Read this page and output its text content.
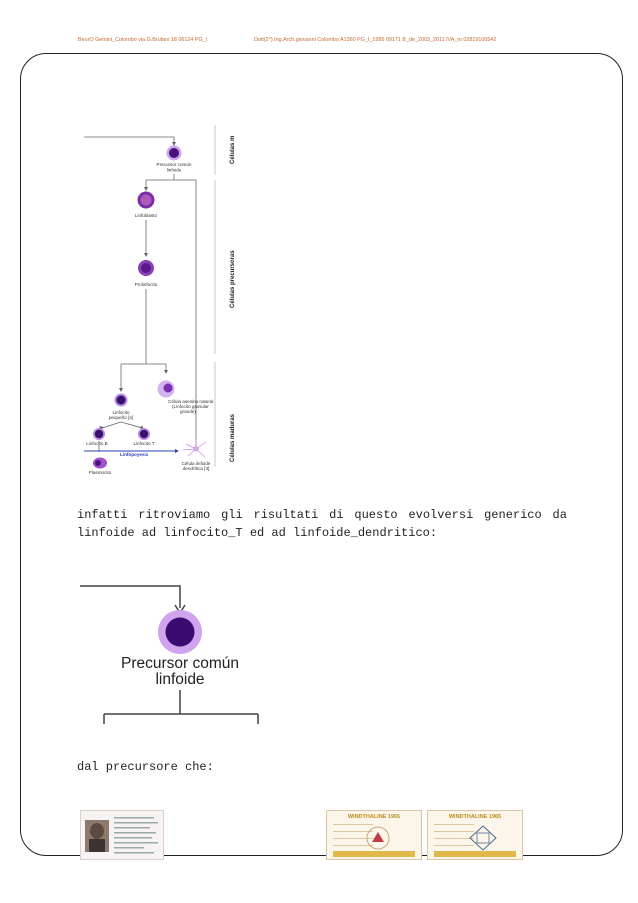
BeurO Gemini_Colombo via G.Brufani 18 06124 PG_I	Dott(2°).Ing.Arch.giovanni Colombo A1360 PG_I_1995 09171 B_de_2003_2011 IVA_nr.02819100542
Precursor común
linfoide
Linfoblasto
Prolinfocito
Célula asesina natural
(Linfocito granular
grande)
Linfocito
pequeño [4]
Linfocito B	Linfocito T
Linfopoyesis
Plasmocito
Célula linfoide
dendrítica [3]
Células m
Células precursoras
Células maduras
infatti ritroviamo gli risultati di questo evolversi generico da
linfoide ad linfocito_T ed ad linfoide_dendritico:
Precursor común
linfoide
dal precursore che:
WINDTHALINE 1965	WINDTHALINE 1965
